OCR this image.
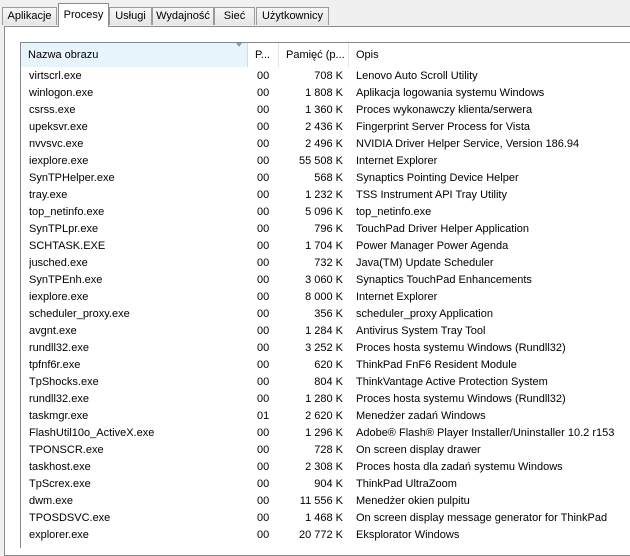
Aplikacje	Procesy	Usługi Wydajność	Sieć	Użytkownicy
Nazwa obrazu	P...	Pamięć (p...	Opis
virtscrl.exe	00	708 K Lenovo Auto Scroll Utility
winlogon.exe	00	1 808 K Aplikacja logowania systemu Windows
csrss.exe	00	1 360 K Proces wykonawczy klienta/serwera
upeksvr.exe	00	2 436 K Fingerprint Server Process for Vista
nvvsvc.exe	00	2 496 K NVIDIA Driver Helper Service, Version 186.94
iexplore.exe	00	55 508 K Internet Explorer
SynTPHelper.exe	00	568 K Synaptics Pointing Device Helper
tray.exe	00	1 232 K TSS Instrument API Tray Utility
top_netinfo.exe	00	5 096 K top_netinfo.exe
SynTPLpr.exe	00	796 K TouchPad Driver Helper Application
SCHTASK.EXE	00	1 704 K Power Manager Power Agenda
jusched.exe	00	732 K Java(TM) Update Scheduler
SynTPEnh.exe	00	3 060 K Synaptics TouchPad Enhancements
iexplore.exe	00	8 000 K Internet Explorer
scheduler_proxy.exe	00	356 K scheduler_proxy Application
avgnt.exe	00	1 284 K Antivirus System Tray Tool
rundll32.exe	00	3 252 K Proces hosta systemu Windows (Rundll32)
tpfnf6r.exe	00	620 K ThinkPad FnF6 Resident Module
TpShocks.exe	00	804 K ThinkVantage Active Protection System
rundll32.exe	00	1 280 K Proces hosta systemu Windows (Rundll32)
taskmgr.exe	01	2 620 K Menedżer zadań Windows
FlashUtil10o_ActiveX.exe	00	1 296 K Adobe® Flash® Player Installer/Uninstaller 10.2 r153
TPONSCR.exe	00	728 K On screen display drawer
taskhost.exe	00	2 308 K Proces hosta dla zadań systemu Windows
TpScrex.exe	00	904 K ThinkPad UltraZoom
dwm.exe	00	11 556 K Menedżer okien pulpitu
TPOSDSVC.exe	00	1 468 K On screen display message generator for ThinkPad
explorer.exe	00	20 772 K Eksplorator Windows
